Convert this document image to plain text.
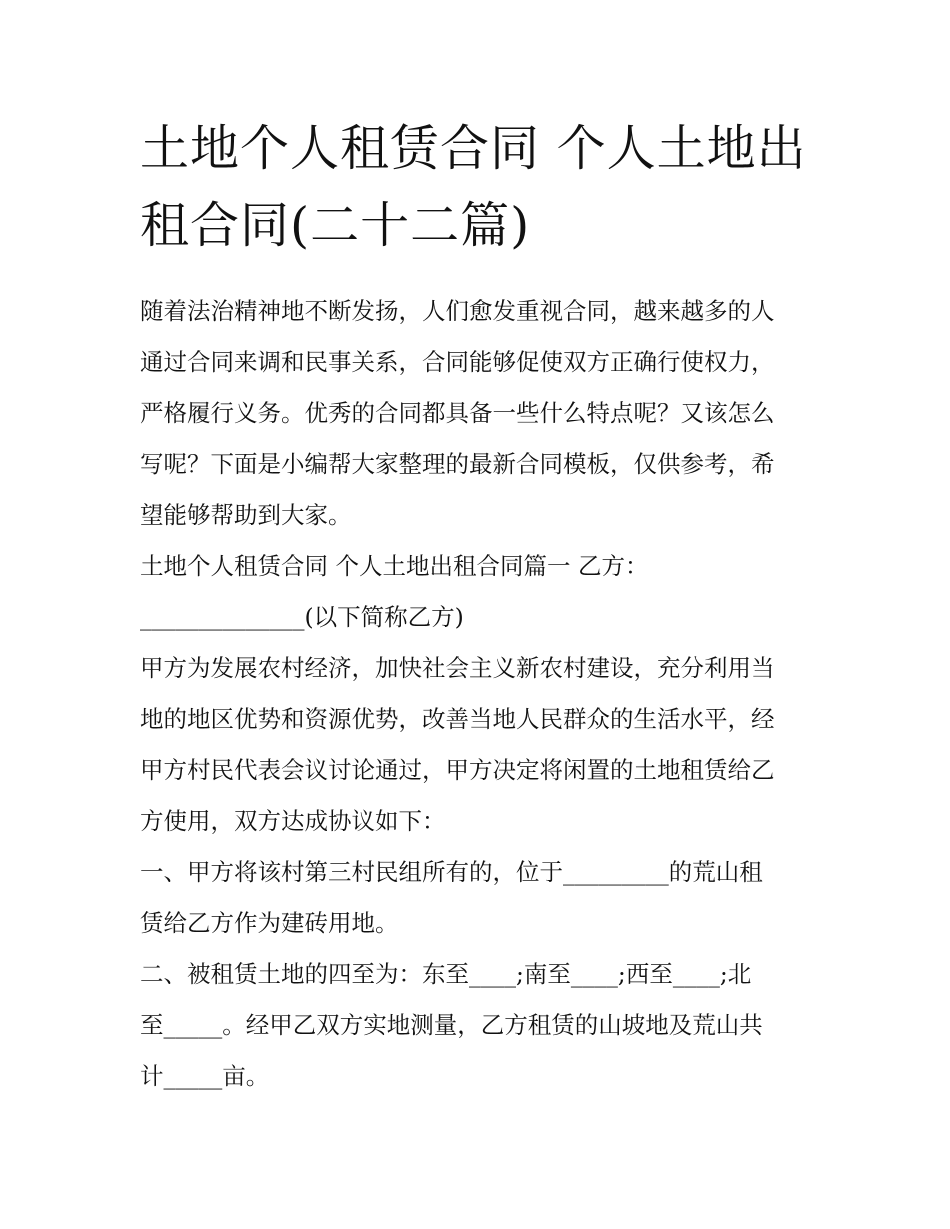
土地个人租赁合同 个人土地出
租合同(二十二篇)

随着法治精神地不断发扬，人们愈发重视合同，越来越多的人
通过合同来调和民事关系，合同能够促使双方正确行使权力，
严格履行义务。优秀的合同都具备一些什么特点呢？又该怎么
写呢？下面是小编帮大家整理的最新合同模板，仅供参考，希
望能够帮助到大家。

土地个人租赁合同 个人土地出租合同篇一 乙方：

______________(以下简称乙方)

甲方为发展农村经济，加快社会主义新农村建设，充分利用当
地的地区优势和资源优势，改善当地人民群众的生活水平，经
甲方村民代表会议讨论通过，甲方决定将闲置的土地租赁给乙
方使用，双方达成协议如下：

一、甲方将该村第三村民组所有的，位于_________的荒山租
赁给乙方作为建砖用地。

二、被租赁土地的四至为：东至____;南至____;西至____;北
至_____。经甲乙双方实地测量，乙方租赁的山坡地及荒山共
计_____亩。
